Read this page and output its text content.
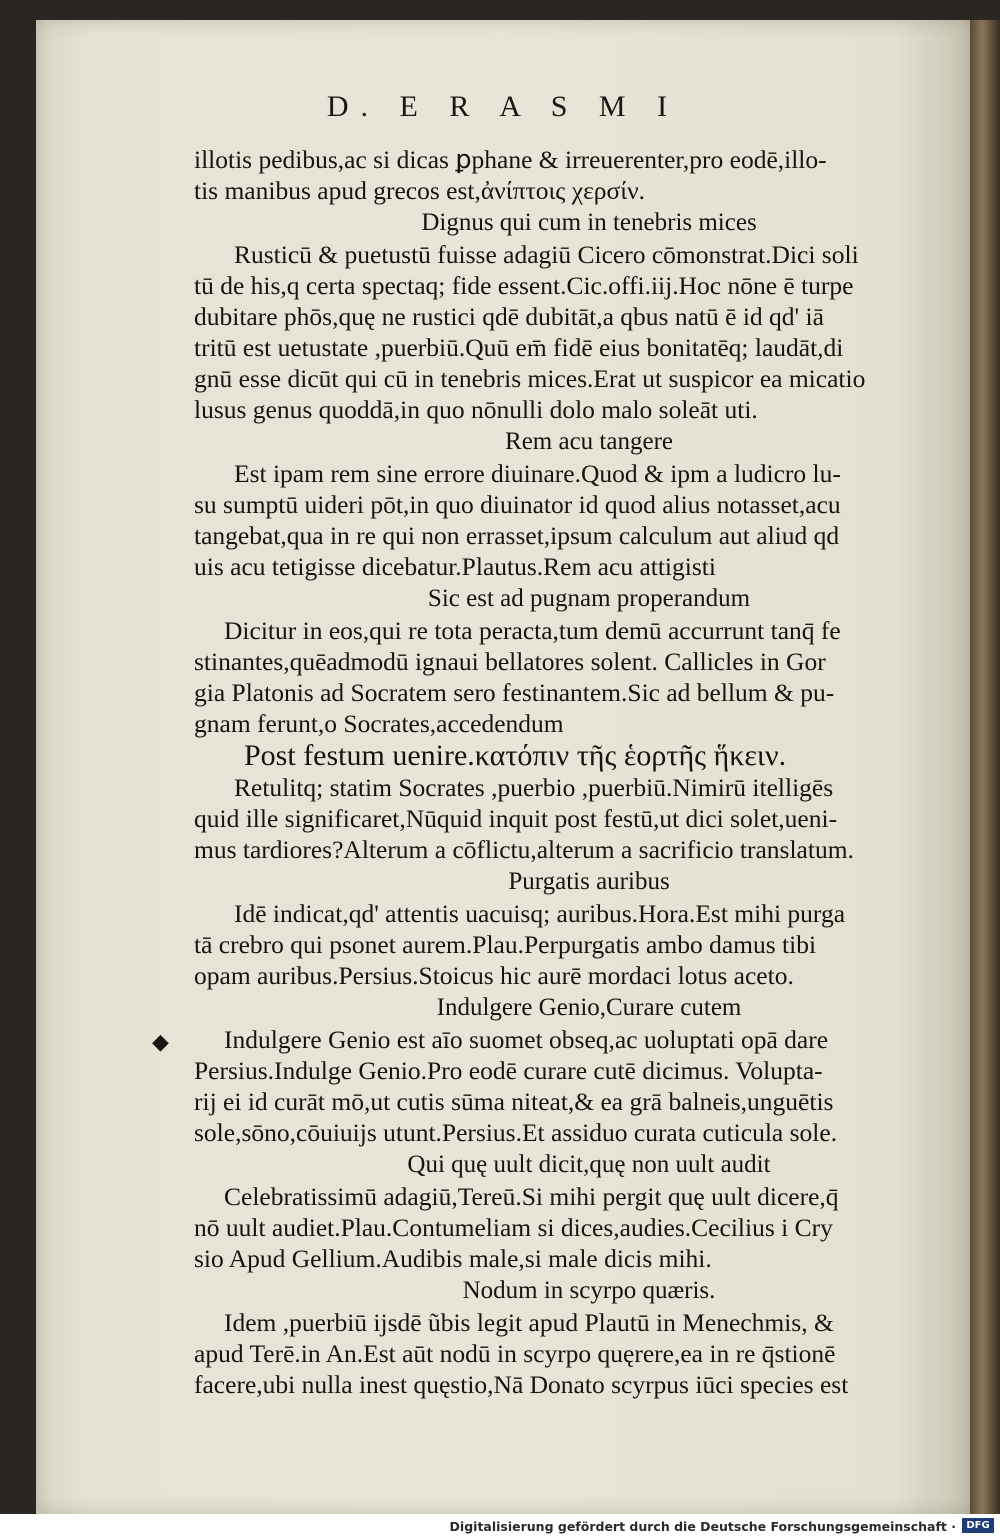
D. E R A S M I
illotis pedibus,ac si dicas ꝑphane & irreuerenter,pro eodē,illo-
tis manibus apud grecos est,ἀνίπτοις χερσίν.
Dignus qui cum in tenebris mices
Rusticū & puetustū fuisse adagiū Cicero cōmonstrat.Dici soli
tū de his,q certa spectaq; fide essent.Cic.offi.iij.Hoc nōne ē turpe
dubitare phōs,quę ne rustici qdē dubitāt,a qbus natū ē id qd' iā
tritū est uetustate ,puerbiū.Quū em̄ fidē eius bonitatēq; laudāt,di
gnū esse dicūt qui cū in tenebris mices.Erat ut suspicor ea micatio
lusus genus quoddā,in quo nōnulli dolo malo soleāt uti.
Rem acu tangere
Est ipam rem sine errore diuinare.Quod & ipm a ludicro lu-
su sumptū uideri pōt,in quo diuinator id quod alius notasset,acu
tangebat,qua in re qui non errasset,ipsum calculum aut aliud qd
uis acu tetigisse dicebatur.Plautus.Rem acu attigisti
Sic est ad pugnam properandum
Dicitur in eos,qui re tota peracta,tum demū accurrunt tanq̄ fe
stinantes,quēadmodū ignaui bellatores solent. Callicles in Gor
gia Platonis ad Socratem sero festinantem.Sic ad bellum & pu-
gnam ferunt,o Socrates,accedendum
Post festum uenire.κατόπιν τῆς ἑορτῆς ἥκειν.
Retulitq; statim Socrates ,puerbio ,puerbiū.Nimirū itelligēs
quid ille significaret,Nūquid inquit post festū,ut dici solet,ueni-
mus tardiores?Alterum a cōflictu,alterum a sacrificio translatum.
Purgatis auribus
Idē indicat,qd' attentis uacuisq; auribus.Hora.Est mihi purga
tā crebro qui psonet aurem.Plau.Perpurgatis ambo damus tibi
opam auribus.Persius.Stoicus hic aurē mordaci lotus aceto.
Indulgere Genio,Curare cutem
Indulgere Genio est aīo suomet obseq,ac uoluptati opā dare
Persius.Indulge Genio.Pro eodē curare cutē dicimus. Volupta-
rij ei id curāt mō,ut cutis sūma niteat,& ea grā balneis,unguētis
sole,sōno,cōuiuijs utunt.Persius.Et assiduo curata cuticula sole.
Qui quę uult dicit,quę non uult audit
Celebratissimū adagiū,Tereū.Si mihi pergit quę uult dicere,q̄
nō uult audiet.Plau.Contumeliam si dices,audies.Cecilius i Cry
sio Apud Gellium.Audibis male,si male dicis mihi.
Nodum in scyrpo quæris.
Idem ,puerbiū ijsdē ũbis legit apud Plautū in Menechmis, &
apud Terē.in An.Est aūt nodū in scyrpo quęrere,ea in re q̄stionē
facere,ubi nulla inest quęstio,Nā Donato scyrpus iūci species est
◆
Digitalisierung gefördert durch die Deutsche Forschungsgemeinschaft ·	DFG
